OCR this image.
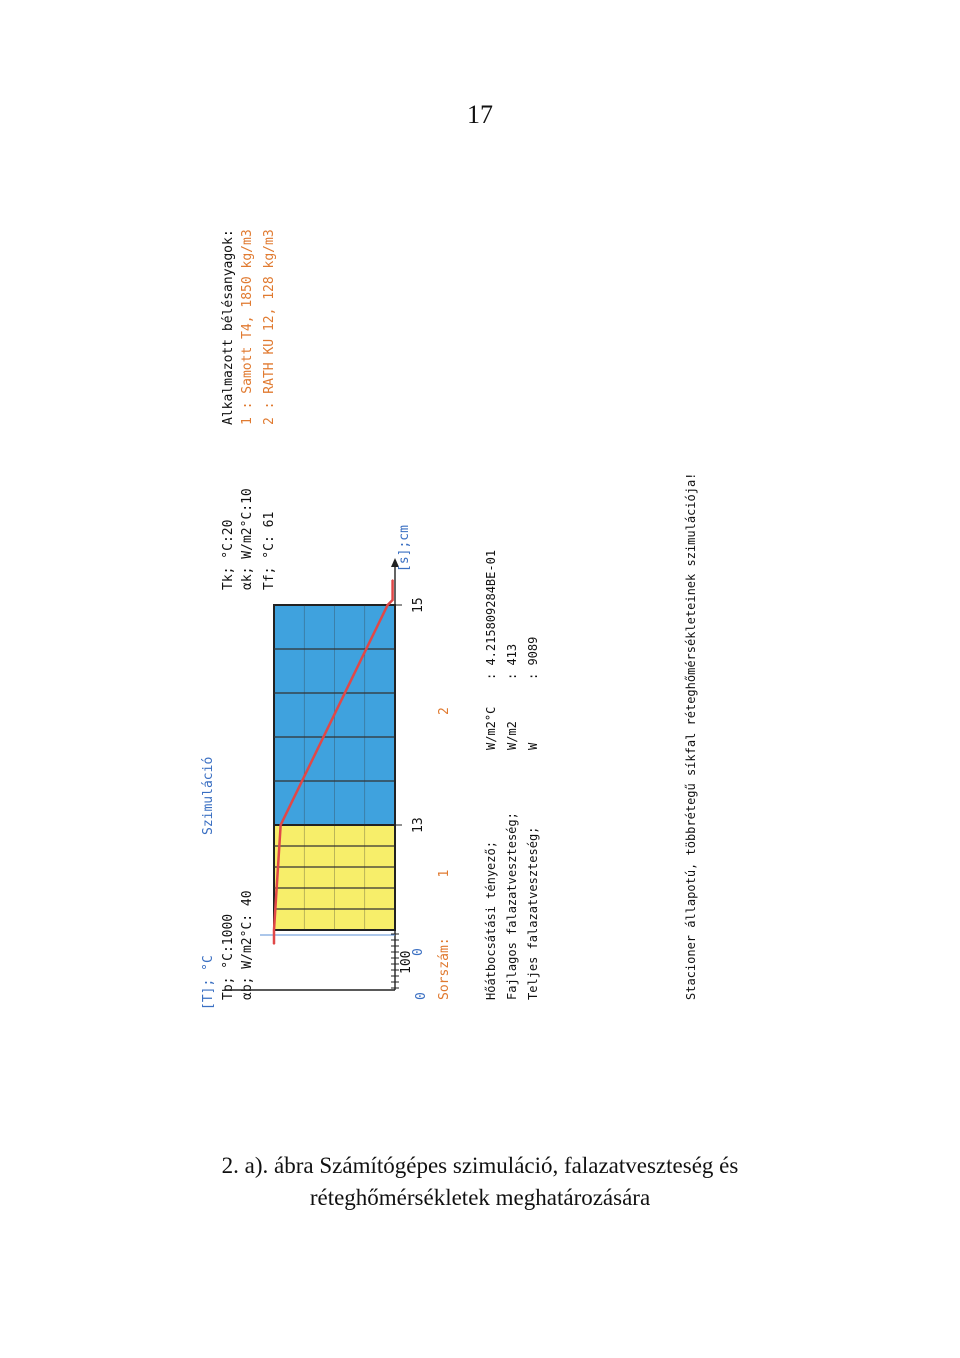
17
[T]; °C Tb; °C:1000 αb; W/m2°C: 40
Szimuláció
Tk; °C:20 αk; W/m2°C:10 Tf; °C: 61
Alkalmazott bélésanyagok: 1 : Samott T4, 1850 kg/m3 2 : RATH KU 12, 128 kg/m3
0
100
0
13
15
[s];cm
Sorszám:
1
2
Hőátbocsátási tényező;
W/m2°C
: 4.215809284BE-01
Fajlagos falazatveszteség;
W/m2
: 413
Teljes falazatveszteség;
W
: 9089	Stacioner állapotú, többrétegű síkfal réteghőmérsékleteinek szimulációja!
2. a). ábra Számítógépes szimuláció, falazatveszteség és
réteghőmérsékletek meghatározására
